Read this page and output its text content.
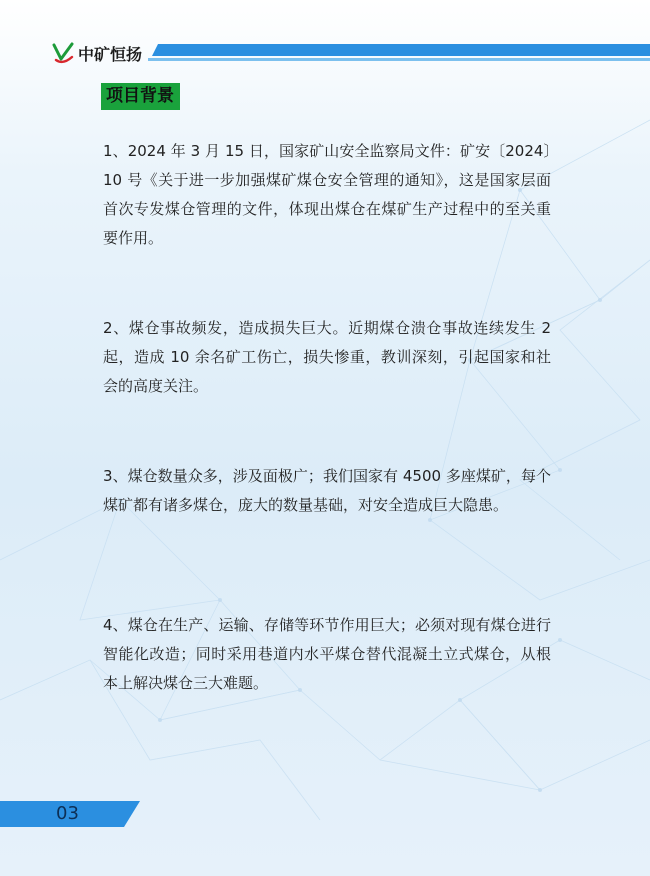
中矿恒扬
项目背景

1、2024 年 3 月 15 日，国家矿山安全监察局文件：矿安〔2024〕10 号《关于进一步加强煤矿煤仓安全管理的通知》，这是国家层面首次专发煤仓管理的文件，体现出煤仓在煤矿生产过程中的至关重要作用。

2、煤仓事故频发，造成损失巨大。近期煤仓溃仓事故连续发生 2 起，造成 10 余名矿工伤亡，损失惨重，教训深刻，引起国家和社会的高度关注。

3、煤仓数量众多，涉及面极广；我们国家有 4500 多座煤矿，每个煤矿都有诸多煤仓，庞大的数量基础，对安全造成巨大隐患。

4、煤仓在生产、运输、存储等环节作用巨大；必须对现有煤仓进行智能化改造；同时采用巷道内水平煤仓替代混凝土立式煤仓，从根本上解决煤仓三大难题。

03
